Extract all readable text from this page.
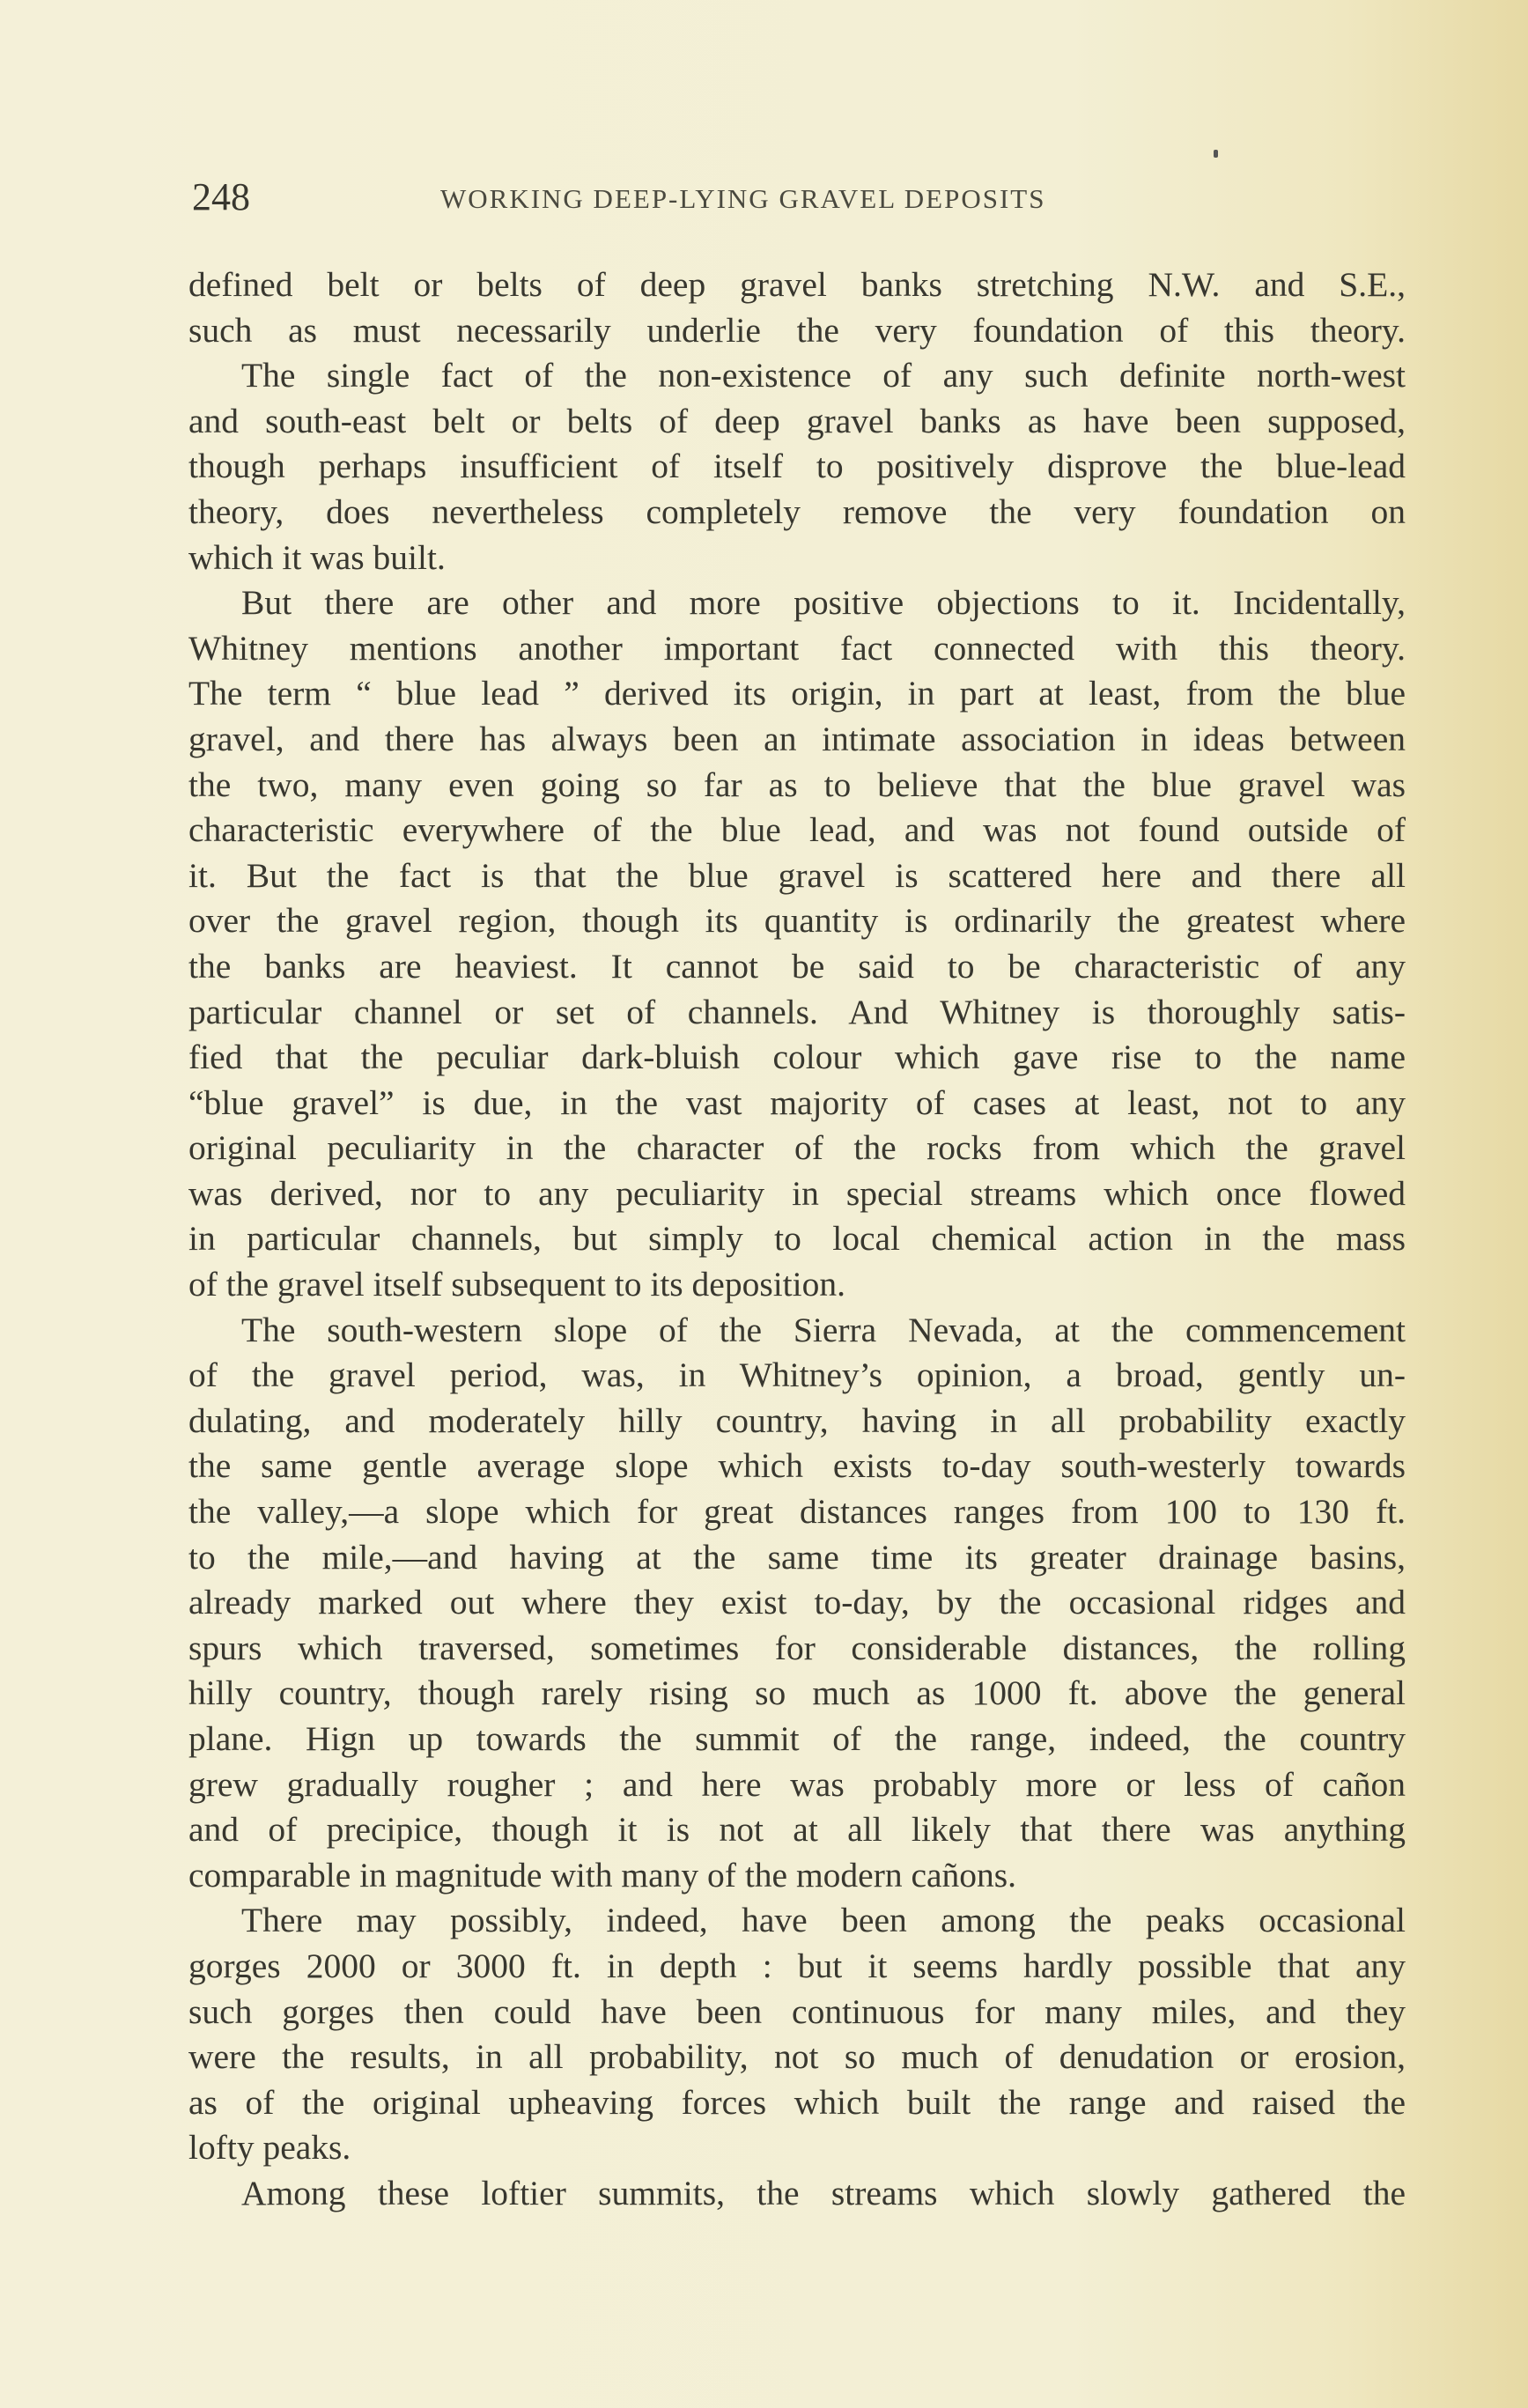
248	WORKING DEEP-LYING GRAVEL DEPOSITS
defined belt or belts of deep gravel banks stretching N.W. and S.E.,
such as must necessarily underlie the very foundation of this theory.
The single fact of the non-existence of any such definite north-west
and south-east belt or belts of deep gravel banks as have been supposed,
though perhaps insufficient of itself to positively disprove the blue-lead
theory, does nevertheless completely remove the very foundation on
which it was built.
But there are other and more positive objections to it. Incidentally,
Whitney mentions another important fact connected with this theory.
The term “ blue lead ” derived its origin, in part at least, from the blue
gravel, and there has always been an intimate association in ideas between
the two, many even going so far as to believe that the blue gravel was
characteristic everywhere of the blue lead, and was not found outside of
it. But the fact is that the blue gravel is scattered here and there all
over the gravel region, though its quantity is ordinarily the greatest where
the banks are heaviest. It cannot be said to be characteristic of any
particular channel or set of channels. And Whitney is thoroughly satis-
fied that the peculiar dark-bluish colour which gave rise to the name
“blue gravel” is due, in the vast majority of cases at least, not to any
original peculiarity in the character of the rocks from which the gravel
was derived, nor to any peculiarity in special streams which once flowed
in particular channels, but simply to local chemical action in the mass
of the gravel itself subsequent to its deposition.
The south-western slope of the Sierra Nevada, at the commencement
of the gravel period, was, in Whitney’s opinion, a broad, gently un-
dulating, and moderately hilly country, having in all probability exactly
the same gentle average slope which exists to-day south-westerly towards
the valley,—a slope which for great distances ranges from 100 to 130 ft.
to the mile,—and having at the same time its greater drainage basins,
already marked out where they exist to-day, by the occasional ridges and
spurs which traversed, sometimes for considerable distances, the rolling
hilly country, though rarely rising so much as 1000 ft. above the general
plane. Hign up towards the summit of the range, indeed, the country
grew gradually rougher ; and here was probably more or less of cañon
and of precipice, though it is not at all likely that there was anything
comparable in magnitude with many of the modern cañons.
There may possibly, indeed, have been among the peaks occasional
gorges 2000 or 3000 ft. in depth : but it seems hardly possible that any
such gorges then could have been continuous for many miles, and they
were the results, in all probability, not so much of denudation or erosion,
as of the original upheaving forces which built the range and raised the
lofty peaks.
Among these loftier summits, the streams which slowly gathered the
